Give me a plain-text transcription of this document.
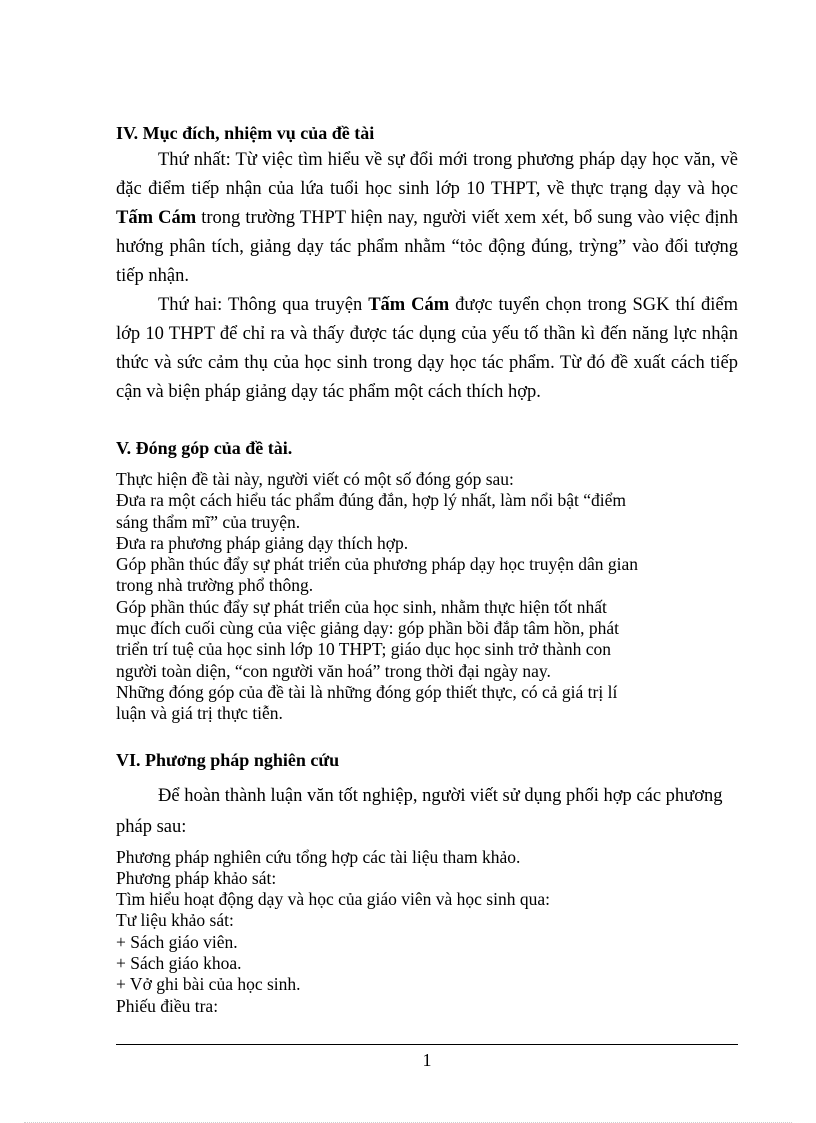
IV. Mục đích, nhiệm vụ của đề tài

Thứ nhất: Từ việc tìm hiểu về sự đổi mới trong phương pháp dạy học văn, về đặc điểm tiếp nhận của lứa tuổi học sinh lớp 10 THPT, về thực trạng dạy và học Tấm Cám trong trường THPT hiện nay, người viết xem xét, bổ sung vào việc định hướng phân tích, giảng dạy tác phẩm nhằm “tỏc động đúng, trỳng” vào đối tượng tiếp nhận.

Thứ hai: Thông qua truyện Tấm Cám được tuyển chọn trong SGK thí điểm lớp 10 THPT để chỉ ra và thấy được tác dụng của yếu tố thần kì đến năng lực nhận thức và sức cảm thụ của học sinh trong dạy học tác phẩm. Từ đó đề xuất cách tiếp cận và biện pháp giảng dạy tác phẩm một cách thích hợp.

V. Đóng góp của đề tài.
Thực hiện đề tài này, người viết có một số đóng góp sau:
Đưa ra một cách hiểu tác phẩm đúng đắn, hợp lý nhất, làm nổi bật “điểm
sáng thẩm mĩ” của truyện.
Đưa ra phương pháp giảng dạy thích hợp.
Góp phần thúc đẩy sự phát triển của phương pháp dạy học truyện dân gian
trong nhà trường phổ thông.
Góp phần thúc đẩy sự phát triển của học sinh, nhằm thực hiện tốt nhất
mục đích cuối cùng của việc giảng dạy: góp phần bồi đắp tâm hồn, phát
triển trí tuệ của học sinh lớp 10 THPT; giáo dục học sinh trở thành con
người toàn diện, “con người văn hoá” trong thời đại ngày nay.
Những đóng góp của đề tài là những đóng góp thiết thực, có cả giá trị lí
luận và giá trị thực tiễn.
VI. Phương pháp nghiên cứu

Để hoàn thành luận văn tốt nghiệp, người viết sử dụng phối hợp các phương pháp sau:

Phương pháp nghiên cứu tổng hợp các tài liệu tham khảo.
Phương pháp khảo sát:
Tìm hiểu hoạt động dạy và học của giáo viên và học sinh qua:
Tư liệu khảo sát:
+ Sách giáo viên.
+ Sách giáo khoa.
+ Vở ghi bài của học sinh.
Phiếu điều tra:
1
